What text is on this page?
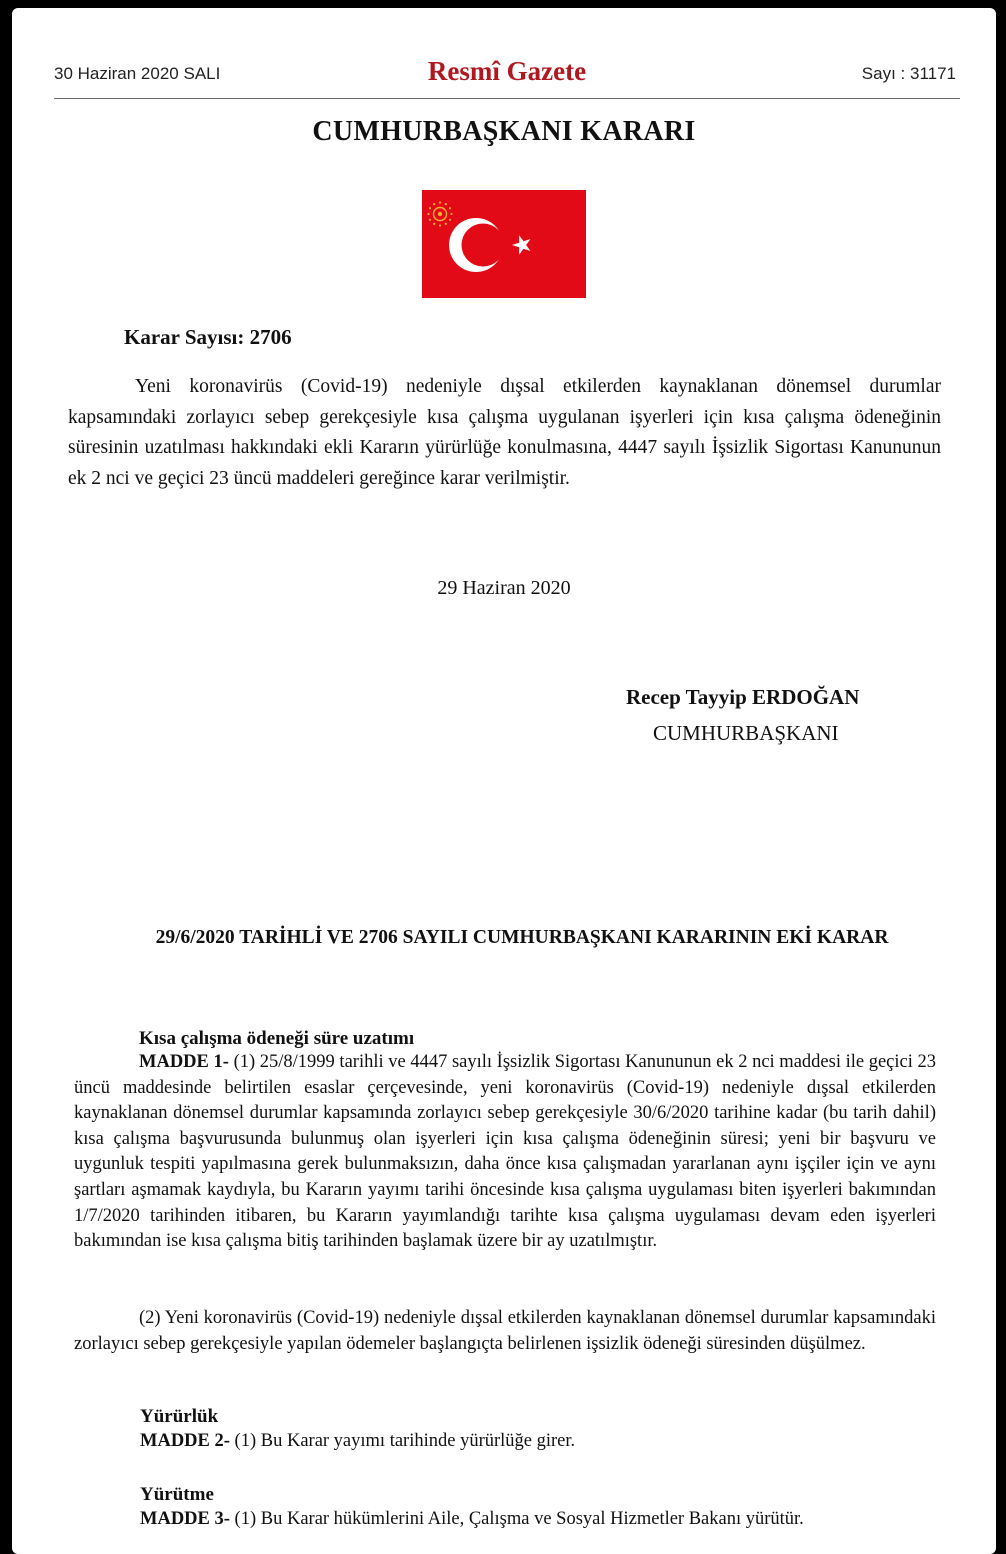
30 Haziran 2020 SALI	Resmî Gazete	Sayı : 31171
CUMHURBAŞKANI KARARI
Karar Sayısı: 2706
Yeni koronavirüs (Covid-19) nedeniyle dışsal etkilerden kaynaklanan dönemsel durumlar kapsamındaki zorlayıcı sebep gerekçesiyle kısa çalışma uygulanan işyerleri için kısa çalışma ödeneğinin süresinin uzatılması hakkındaki ekli Kararın yürürlüğe konulmasına, 4447 sayılı İşsizlik Sigortası Kanununun ek 2 nci ve geçici 23 üncü maddeleri gereğince karar verilmiştir.
29 Haziran 2020
Recep Tayyip ERDOĞAN
CUMHURBAŞKANI
29/6/2020 TARİHLİ VE 2706 SAYILI CUMHURBAŞKANI KARARININ EKİ KARAR
Kısa çalışma ödeneği süre uzatımı
MADDE 1- (1) 25/8/1999 tarihli ve 4447 sayılı İşsizlik Sigortası Kanununun ek 2 nci maddesi ile geçici 23 üncü maddesinde belirtilen esaslar çerçevesinde, yeni koronavirüs (Covid-19) nedeniyle dışsal etkilerden kaynaklanan dönemsel durumlar kapsamında zorlayıcı sebep gerekçesiyle 30/6/2020 tarihine kadar (bu tarih dahil) kısa çalışma başvurusunda bulunmuş olan işyerleri için kısa çalışma ödeneğinin süresi; yeni bir başvuru ve uygunluk tespiti yapılmasına gerek bulunmaksızın, daha önce kısa çalışmadan yararlanan aynı işçiler için ve aynı şartları aşmamak kaydıyla, bu Kararın yayımı tarihi öncesinde kısa çalışma uygulaması biten işyerleri bakımından 1/7/2020 tarihinden itibaren, bu Kararın yayımlandığı tarihte kısa çalışma uygulaması devam eden işyerleri bakımından ise kısa çalışma bitiş tarihinden başlamak üzere bir ay uzatılmıştır.
(2) Yeni koronavirüs (Covid-19) nedeniyle dışsal etkilerden kaynaklanan dönemsel durumlar kapsamındaki zorlayıcı sebep gerekçesiyle yapılan ödemeler başlangıçta belirlenen işsizlik ödeneği süresinden düşülmez.
Yürürlük
MADDE 2- (1) Bu Karar yayımı tarihinde yürürlüğe girer.
Yürütme
MADDE 3- (1) Bu Karar hükümlerini Aile, Çalışma ve Sosyal Hizmetler Bakanı yürütür.
